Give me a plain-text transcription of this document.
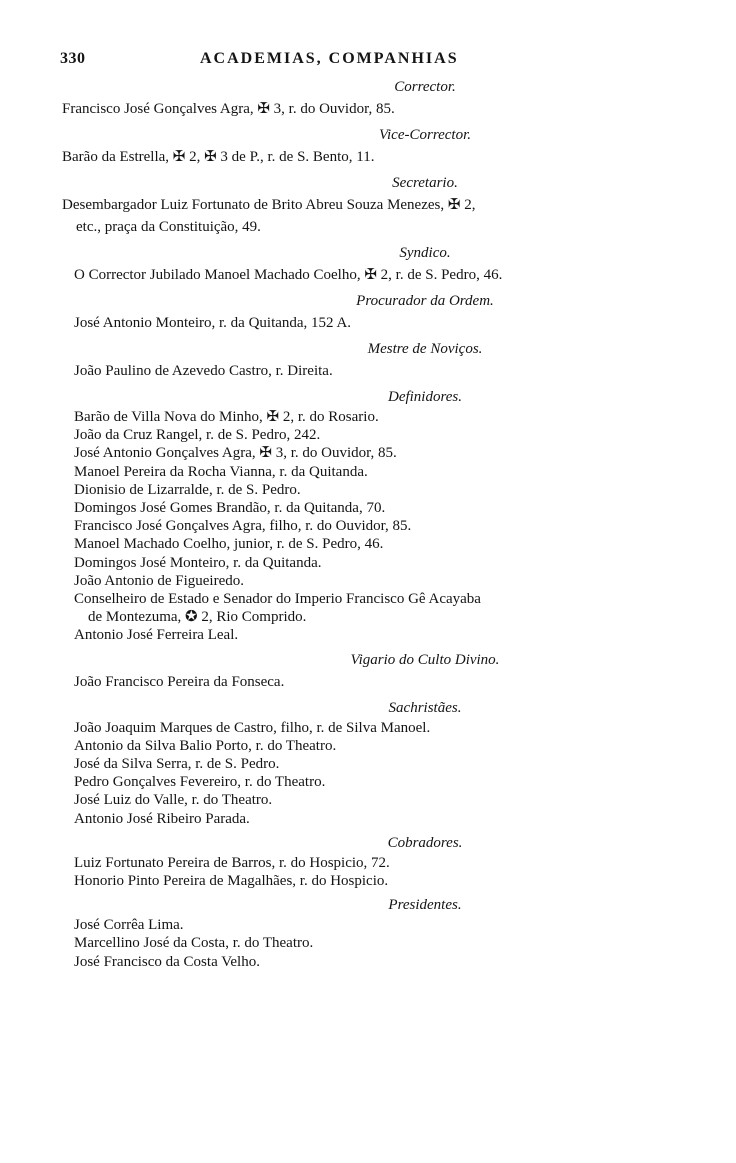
330	ACADEMIAS, COMPANHIAS
Corrector.
Francisco José Gonçalves Agra, ✠ 3, r. do Ouvidor, 85.
Vice-Corrector.
Barão da Estrella, ✠ 2, ✠ 3 de P., r. de S. Bento, 11.
Secretario.
Desembargador Luiz Fortunato de Brito Abreu Souza Menezes, ✠ 2,
etc., praça da Constituição, 49.
Syndico.
O Corrector Jubilado Manoel Machado Coelho, ✠ 2, r. de S. Pedro, 46.
Procurador da Ordem.
José Antonio Monteiro, r. da Quitanda, 152 A.
Mestre de Noviços.
João Paulino de Azevedo Castro, r. Direita.
Definidores.
Barão de Villa Nova do Minho, ✠ 2, r. do Rosario.
João da Cruz Rangel, r. de S. Pedro, 242.
José Antonio Gonçalves Agra, ✠ 3, r. do Ouvidor, 85.
Manoel Pereira da Rocha Vianna, r. da Quitanda.
Dionisio de Lizarralde, r. de S. Pedro.
Domingos José Gomes Brandão, r. da Quitanda, 70.
Francisco José Gonçalves Agra, filho, r. do Ouvidor, 85.
Manoel Machado Coelho, junior, r. de S. Pedro, 46.
Domingos José Monteiro, r. da Quitanda.
João Antonio de Figueiredo.
Conselheiro de Estado e Senador do Imperio Francisco Gê Acayaba
de Montezuma, ✪ 2, Rio Comprido.
Antonio José Ferreira Leal.
Vigario do Culto Divino.
João Francisco Pereira da Fonseca.
Sachristães.
João Joaquim Marques de Castro, filho, r. de Silva Manoel.
Antonio da Silva Balio Porto, r. do Theatro.
José da Silva Serra, r. de S. Pedro.
Pedro Gonçalves Fevereiro, r. do Theatro.
José Luiz do Valle, r. do Theatro.
Antonio José Ribeiro Parada.
Cobradores.
Luiz Fortunato Pereira de Barros, r. do Hospicio, 72.
Honorio Pinto Pereira de Magalhães, r. do Hospicio.
Presidentes.
José Corrêa Lima.
Marcellino José da Costa, r. do Theatro.
José Francisco da Costa Velho.
